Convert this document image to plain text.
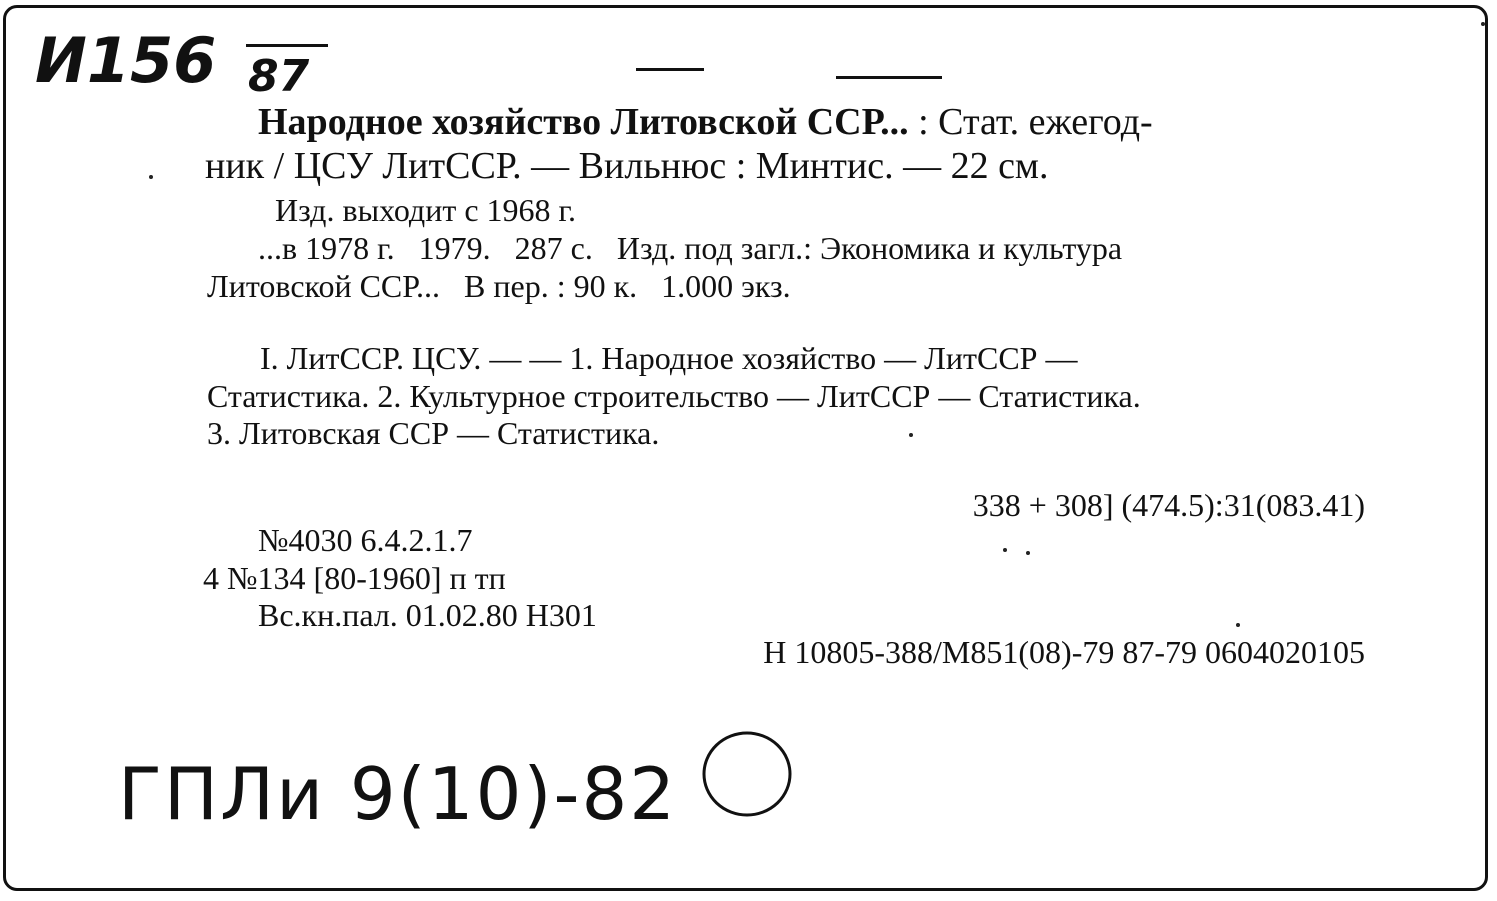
И156 87
Народное хозяйство Литовской ССР... : Стат. ежегод-
ник / ЦСУ ЛитССР. — Вильнюс : Минтис. — 22 см.
Изд. выходит с 1968 г.
...в 1978 г.   1979.   287 с.   Изд. под загл.: Экономика и культура
Литовской ССР...   В пер. : 90 к.   1.000 экз.
I. ЛитССР. ЦСУ. — — 1. Народное хозяйство — ЛитССР —
Статистика. 2. Культурное строительство — ЛитССР — Статистика.
3. Литовская ССР — Статистика.
338 + 308] (474.5):31(083.41)
№4030 6.4.2.1.7
4 №134 [80-1960] п тп
Вс.кн.пал. 01.02.80 Н301
Н 10805-388/М851(08)-79 87-79 0604020105
ГПЛи 9(10)-82
